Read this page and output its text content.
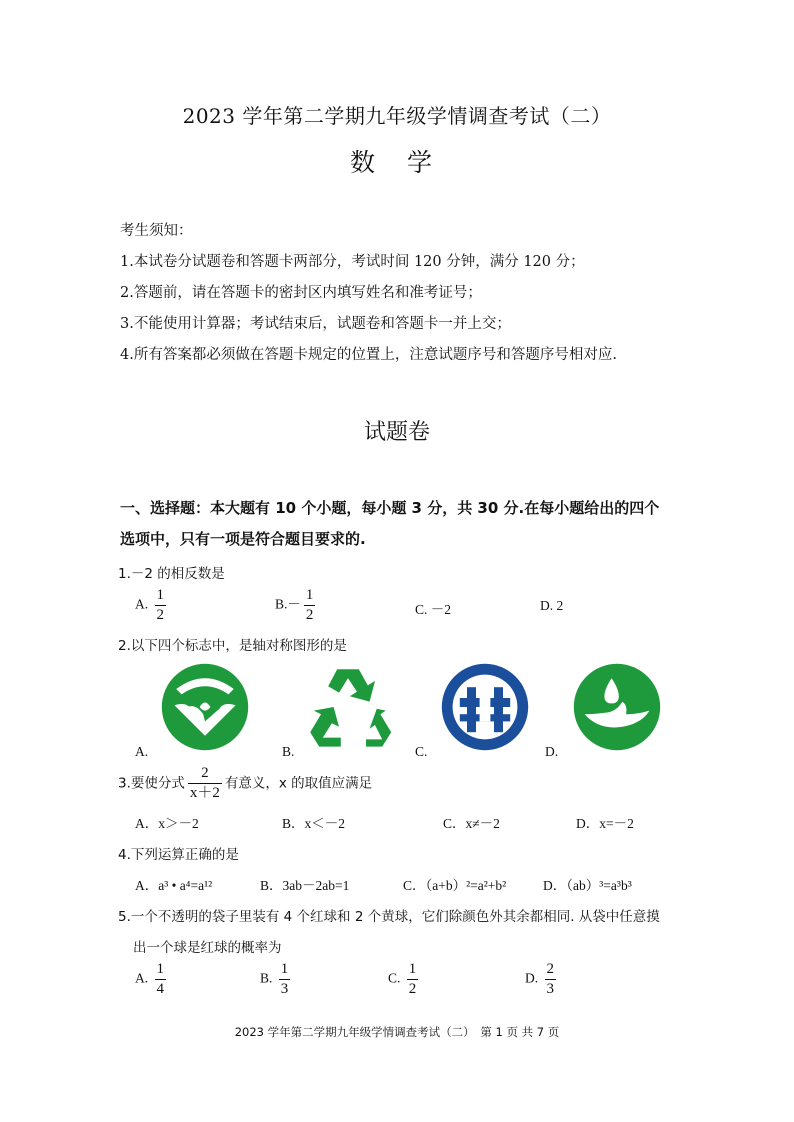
2023 学年第二学期九年级学情调查考试（二）
数 学
考生须知：
1.本试卷分试题卷和答题卡两部分，考试时间 120 分钟，满分 120 分；
2.答题前，请在答题卡的密封区内填写姓名和准考证号；
3.不能使用计算器；考试结束后，试题卷和答题卡一并上交；
4.所有答案都必须做在答题卡规定的位置上，注意试题序号和答题序号相对应.
试题卷
一、选择题：本大题有 10 个小题，每小题 3 分，共 30 分.在每小题给出的四个
选项中，只有一项是符合题目要求的.
1.－2 的相反数是
A. $\frac{1}{2}$	$B.- \frac{1}{2}$	C. －2	D. 2
2.以下四个标志中，是轴对称图形的是
A.	B.	C.	D.
3.要使分式 $\frac{2}{x+2}$ 有意义，x 的取值应满足
A．x＞－2	B．x＜－2	C．x≠－2	D．x=－2
4.下列运算正确的是
A．a³ • a⁴=a¹²	B．3ab－2ab=1	C．（a+b）²=a²+b²	D．（ab）³=a³b³
5.一个不透明的袋子里装有 4 个红球和 2 个黄球，它们除颜色外其余都相同. 从袋中任意摸
出一个球是红球的概率为
A. $\frac{1}{4}$	B. $\frac{1}{3}$	C. $\frac{1}{2}$	D. $\frac{2}{3}$
2023 学年第二学期九年级学情调查考试（二）　第 1 页 共 7 页
